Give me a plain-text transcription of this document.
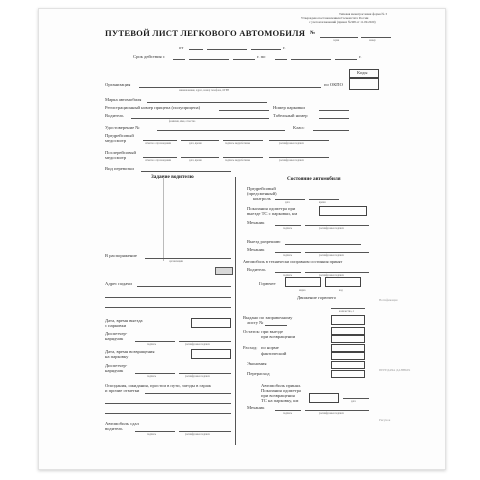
Типовая межотраслевая форма № 3
Утверждена постановлением Госкомстата России
с учетом изменений (приказ №368 от 11.09.2020)
ПУТЕВОЙ ЛИСТ ЛЕГКОВОГО АВТОМОБИЛЯ №
серия	номер
от	г.
Срок действия с	г. по	г.
Коды
по ОКПО
Организация
наименование, адрес, номер телефона, ОГРН
Марка автомобиля
Регистрационный номер прицепа (полуприцепа)	Номер парковки
Водитель
фамилия, имя, отчество
Табельный номер
Удостоверение №	Класс
Предрейсовый
медосмотр
отметка о прохождении	дата, время	подпись медработника	расшифровка подписи
Послерейсовый
медосмотр
отметка о прохождении	дата, время	подпись медработника	расшифровка подписи
Вид перевозки
Задание водителю	Состояние автомобиля
Предрейсовый
(предсменный)
контроль
дата	время
Показания одометра при
выезде ТС с парковки, км
Механик
подпись	расшифровка подписи
Выезд разрешию
Механик
подпись	расшифровка подписи
Автомобиль в технически исправном состояния принят
Водитель
подпись	расшифровка подписи
Горючее
марка	код
Движение горючего
количество, л
Выдано по заправочному
листу №
Остаток: при выезде
при возвращении
Расход: по норме
фактический
Экономия
Перерасход
Автомобиль принял.
Показания одометра
при возвращения
ТС на парковку, км	дата
Механик
подпись	расшифровка подписи
В распоряжение
организации
Адрес подачи
Дата, время выезда
с парковки
Диспетчер-
нарядчик
подпись	расшифровка подписи
Дата, время возвращения
на парковку
Диспетчер-
нарядчик
подпись	расшифровка подписи
Опоздания, ожидания, простои в пути, заезды в гараж
и прочие отметки
Автомобиль сдал
водитель
подпись	расшифровка подписи
Нотификация
ПЕРЕДАЧА ДАННЫХ
Рисунок
